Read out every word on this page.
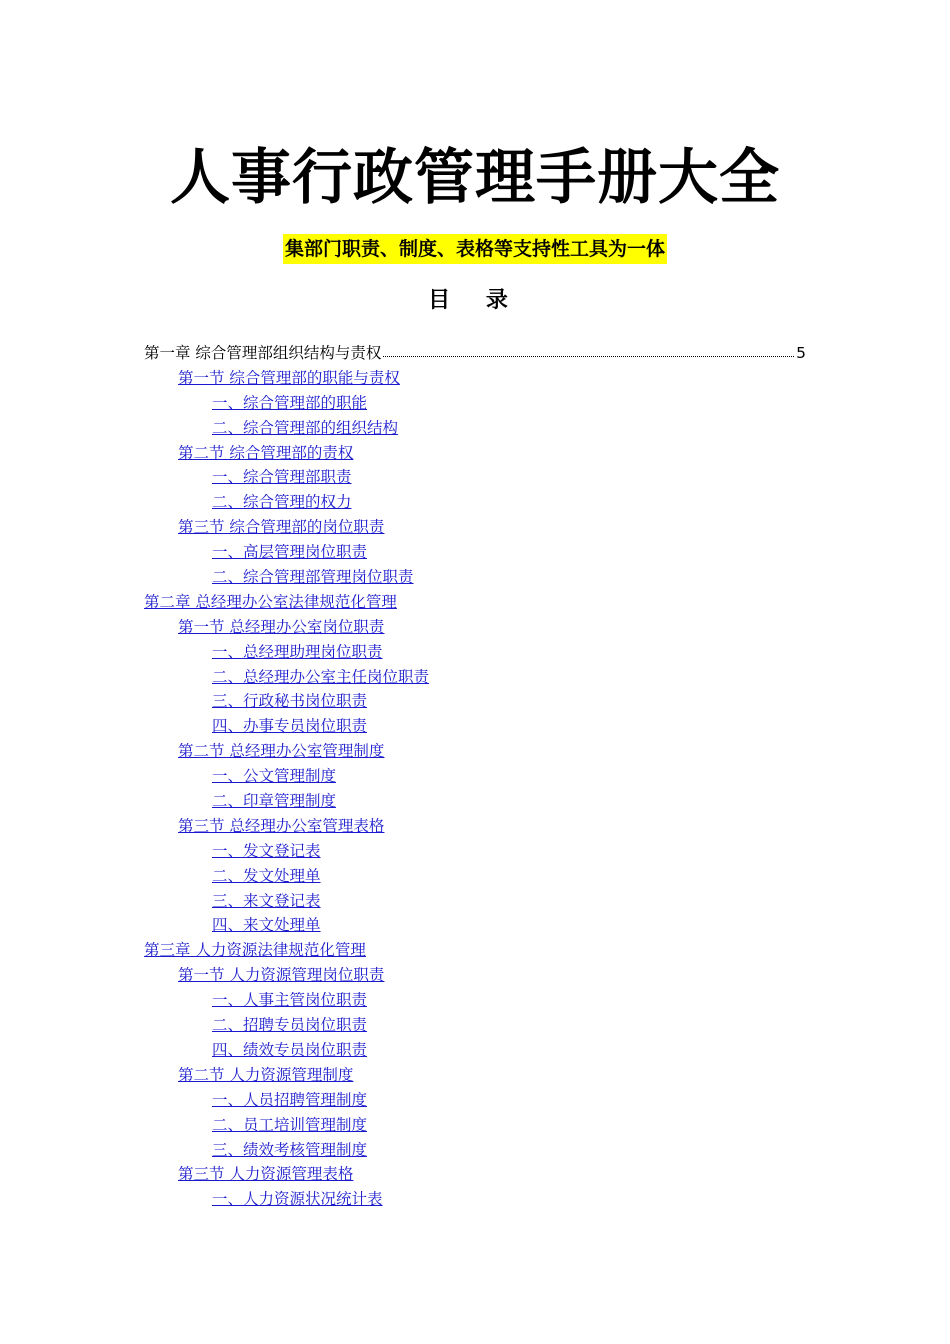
人事行政管理手册大全
集部门职责、制度、表格等支持性工具为一体
目 录
第一章 综合管理部组织结构与责权	5
第一节 综合管理部的职能与责权
一、综合管理部的职能
二、综合管理部的组织结构
第二节 综合管理部的责权
一、综合管理部职责
二、综合管理的权力
第三节 综合管理部的岗位职责
一、高层管理岗位职责
二、综合管理部管理岗位职责
第二章 总经理办公室法律规范化管理
第一节 总经理办公室岗位职责
一、总经理助理岗位职责
二、总经理办公室主任岗位职责
三、行政秘书岗位职责
四、办事专员岗位职责
第二节 总经理办公室管理制度
一、公文管理制度
二、印章管理制度
第三节 总经理办公室管理表格
一、发文登记表
二、发文处理单
三、来文登记表
四、来文处理单
第三章 人力资源法律规范化管理
第一节 人力资源管理岗位职责
一、人事主管岗位职责
二、招聘专员岗位职责
四、绩效专员岗位职责
第二节 人力资源管理制度
一、人员招聘管理制度
二、员工培训管理制度
三、绩效考核管理制度
第三节 人力资源管理表格
一、人力资源状况统计表
